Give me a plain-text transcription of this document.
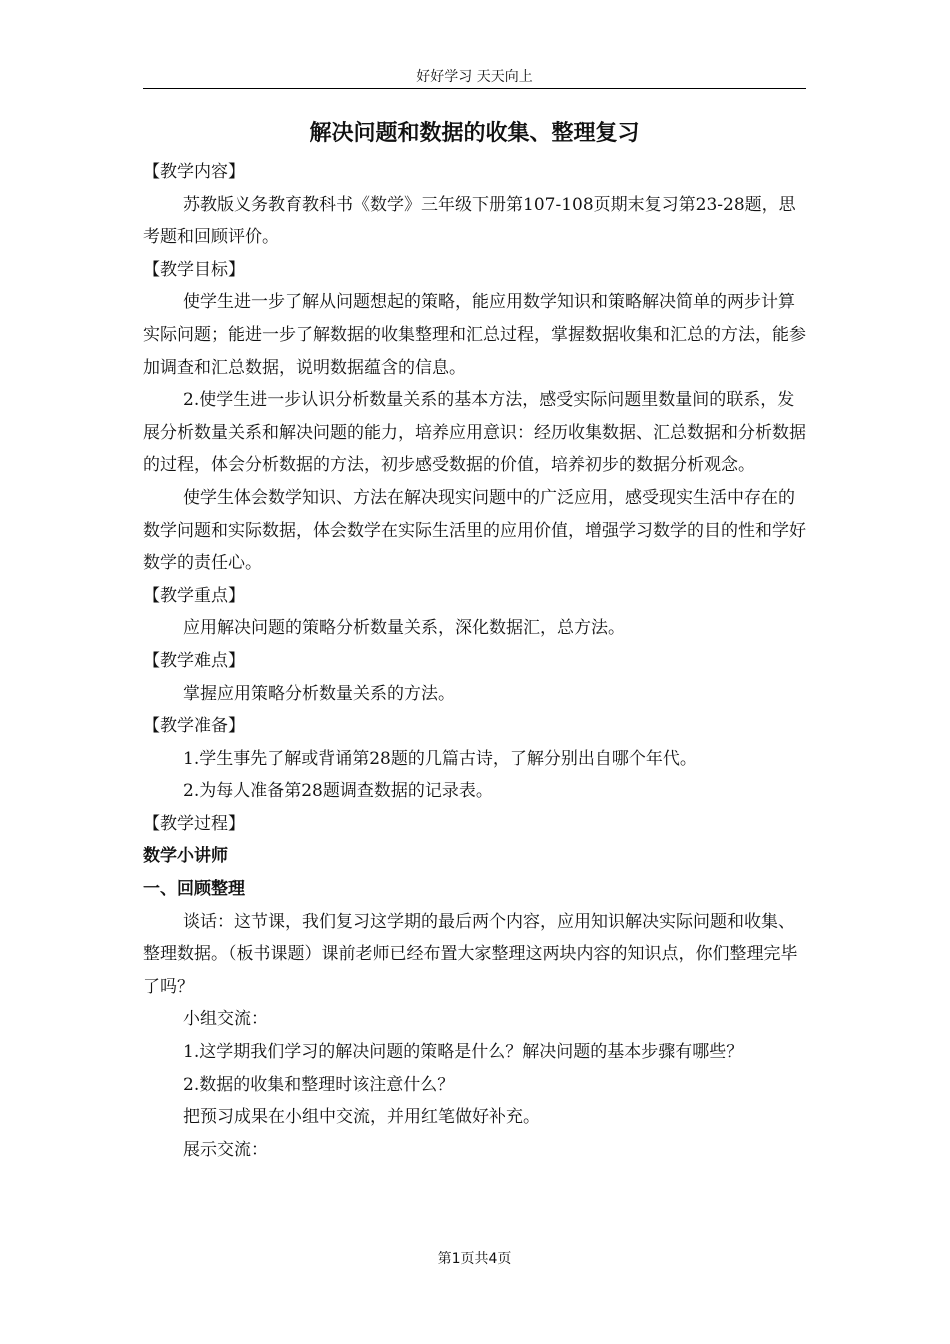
好好学习 天天向上
解决问题和数据的收集、整理复习

【教学内容】

苏教版义务教育教科书《数学》三年级下册第107-108页期末复习第23-28题，思考题和回顾评价。

【教学目标】

使学生进一步了解从问题想起的策略，能应用数学知识和策略解决简单的两步计算实际问题；能进一步了解数据的收集整理和汇总过程，掌握数据收集和汇总的方法，能参加调查和汇总数据，说明数据蕴含的信息。

2.使学生进一步认识分析数量关系的基本方法，感受实际问题里数量间的联系，发展分析数量关系和解决问题的能力，培养应用意识：经历收集数据、汇总数据和分析数据的过程，体会分析数据的方法，初步感受数据的价值，培养初步的数据分析观念。

使学生体会数学知识、方法在解决现实问题中的广泛应用，感受现实生活中存在的数学问题和实际数据，体会数学在实际生活里的应用价值，增强学习数学的目的性和学好数学的责任心。

【教学重点】

应用解决问题的策略分析数量关系，深化数据汇，总方法。

【教学难点】

掌握应用策略分析数量关系的方法。

【教学准备】

1.学生事先了解或背诵第28题的几篇古诗，了解分别出自哪个年代。

2.为每人准备第28题调查数据的记录表。

【教学过程】

数学小讲师

一、回顾整理

谈话：这节课，我们复习这学期的最后两个内容，应用知识解决实际问题和收集、整理数据。（板书课题）课前老师已经布置大家整理这两块内容的知识点，你们整理完毕了吗？

小组交流：

1.这学期我们学习的解决问题的策略是什么？解决问题的基本步骤有哪些？

2.数据的收集和整理时该注意什么？

把预习成果在小组中交流，并用红笔做好补充。

展示交流：

第1页共4页
